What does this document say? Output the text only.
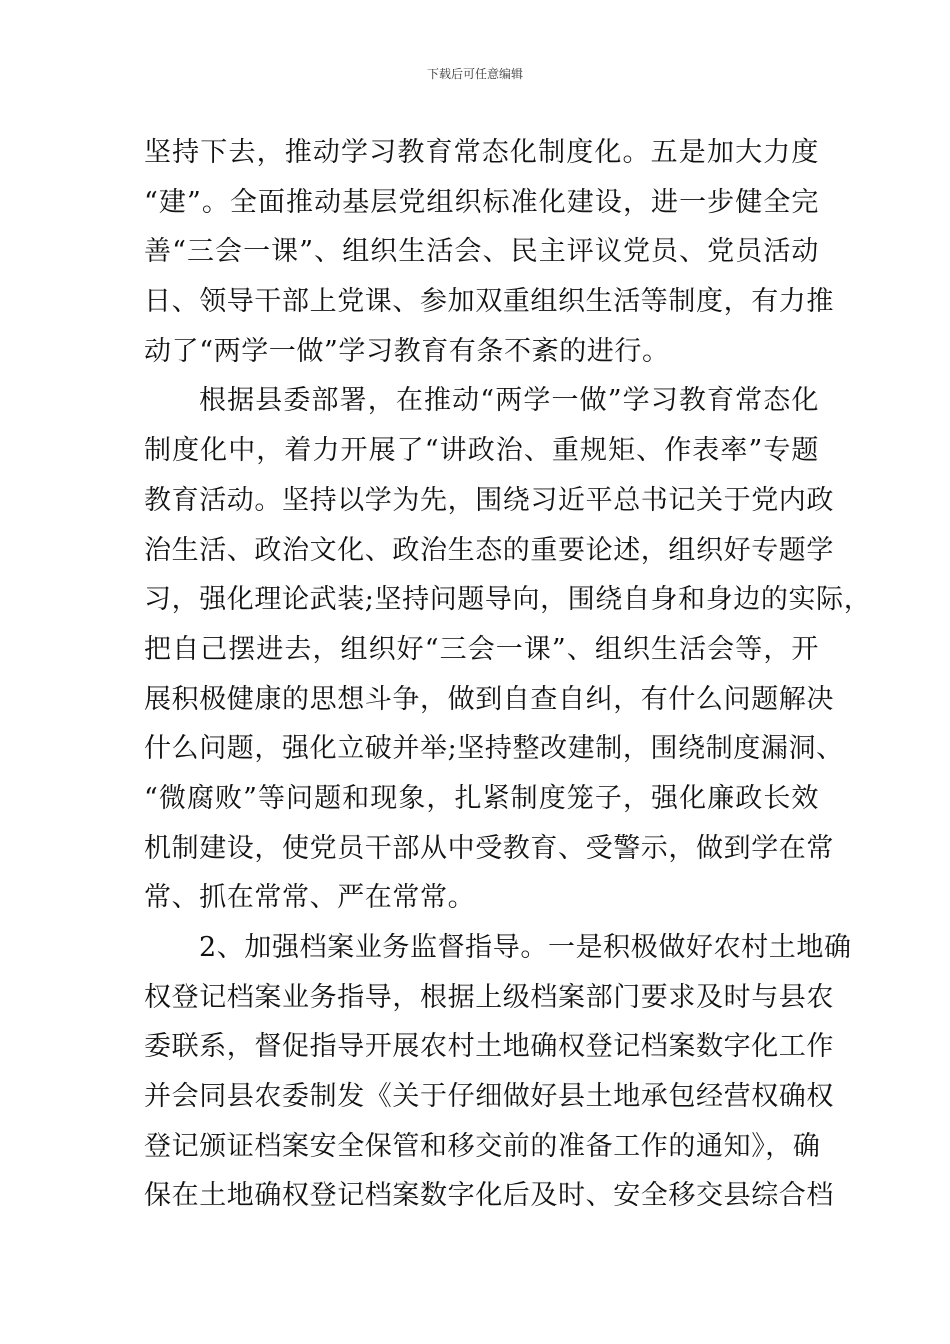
下载后可任意编辑
坚持下去，推动学习教育常态化制度化。五是加大力度
“建”。全面推动基层党组织标准化建设，进一步健全完
善“三会一课”、组织生活会、民主评议党员、党员活动
日、领导干部上党课、参加双重组织生活等制度，有力推
动了“两学一做”学习教育有条不紊的进行。
根据县委部署，在推动“两学一做”学习教育常态化
制度化中，着力开展了“讲政治、重规矩、作表率”专题
教育活动。坚持以学为先，围绕习近平总书记关于党内政
治生活、政治文化、政治生态的重要论述，组织好专题学
习，强化理论武装;坚持问题导向，围绕自身和身边的实际，
把自己摆进去，组织好“三会一课”、组织生活会等，开
展积极健康的思想斗争，做到自查自纠，有什么问题解决
什么问题，强化立破并举;坚持整改建制，围绕制度漏洞、
“微腐败”等问题和现象，扎紧制度笼子，强化廉政长效
机制建设，使党员干部从中受教育、受警示，做到学在常
常、抓在常常、严在常常。
2、加强档案业务监督指导。一是积极做好农村土地确
权登记档案业务指导，根据上级档案部门要求及时与县农
委联系，督促指导开展农村土地确权登记档案数字化工作
并会同县农委制发《关于仔细做好县土地承包经营权确权
登记颁证档案安全保管和移交前的准备工作的通知》，确
保在土地确权登记档案数字化后及时、安全移交县综合档
